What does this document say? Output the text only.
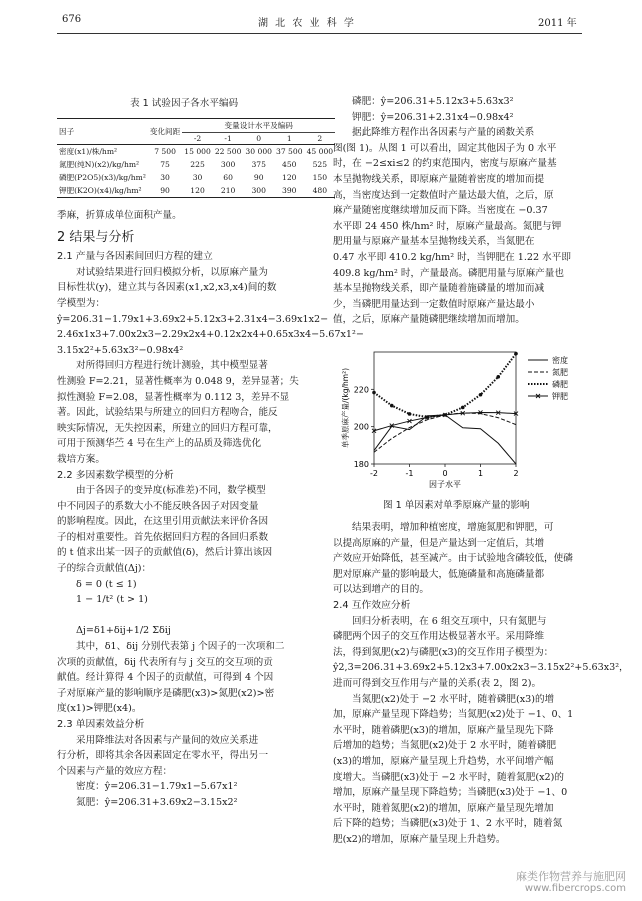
676	湖 北 农 业 科 学	2011 年
表 1 试验因子各水平编码
因子	变化间距	变量设计水平及编码				
		-2	-1	0	1	2
密度(x1)/株/hm²	7 500	15 000	22 500	30 000	37 500	45 000
氮肥(纯N)(x2)/kg/hm²	75	225	300	375	450	525
磷肥(P2O5)(x3)/kg/hm²	30	30	60	90	120	150
钾肥(K2O)(x4)/kg/hm²	90	120	210	300	390	480

季麻，折算成单位面积产量。

2 结果与分析

2.1 产量与各因素间回归方程的建立

对试验结果进行回归模拟分析，以原麻产量为

目标性状(y)，建立其与各因素(x1,x2,x3,x4)间的数

学模型为：

ŷ=206.31−1.79x1+3.69x2+5.12x3+2.31x4−3.69x1x2−

2.46x1x3+7.00x2x3−2.29x2x4+0.12x2x4+0.65x3x4−5.67x1²−

3.15x2²+5.63x3²−0.98x4²

对所得回归方程进行统计测验，其中模型显著

性测验 F=2.21，显著性概率为 0.048 9，差异显著；失

拟性测验 F=2.08，显著性概率为 0.112 3，差异不显

著。因此，试验结果与所建立的回归方程吻合，能反

映实际情况，无失控因素，所建立的回归方程可靠，

可用于预测华苎 4 号在生产上的品质及筛选优化

栽培方案。

2.2 多因素数学模型的分析

由于各因子的变异度(标准差)不同，数学模型

中不同因子的系数大小不能反映各因子对因变量

的影响程度。因此，在这里引用贡献法来评价各因

子的相对重要性。首先依据回归方程的各回归系数

的 t 值求出某一因子的贡献值(δ)，然后计算出该因

子的综合贡献值(Δj)：

δ = 0 (t ≤ 1)

1 − 1/t² (t > 1)

Δj=δ1+δij+1/2 Σδij

其中，δ1、δij 分别代表第 j 个因子的一次项和二

次项的贡献值，δij 代表所有与 j 交互的交互项的贡

献值。经计算得 4 个因子的贡献值，可得到 4 个因

子对原麻产量的影响顺序是磷肥(x3)>氮肥(x2)>密

度(x1)>钾肥(x4)。

2.3 单因素效益分析

采用降维法对各因素与产量间的效应关系进

行分析，即将其余各因素固定在零水平，得出另一

个因素与产量的效应方程：

密度：ŷ=206.31−1.79x1−5.67x1²

氮肥：ŷ=206.31+3.69x2−3.15x2²

磷肥：ŷ=206.31+5.12x3+5.63x3²

钾肥：ŷ=206.31+2.31x4−0.98x4²

据此降维方程作出各因素与产量的函数关系

图(图 1)。从图 1 可以看出，固定其他因子为 0 水平

时，在 −2≤xi≤2 的约束范围内，密度与原麻产量基

本呈抛物线关系，即原麻产量随着密度的增加而提

高，当密度达到一定数值时产量达最大值，之后，原

麻产量随密度继续增加反而下降。当密度在 −0.37

水平即 24 450 株/hm² 时，原麻产量最高。氮肥与钾

肥用量与原麻产量基本呈抛物线关系，当氮肥在

0.47 水平即 410.2 kg/hm² 时，当钾肥在 1.22 水平即

409.8 kg/hm² 时，产量最高。磷肥用量与原麻产量也

基本呈抛物线关系，即产量随着施磷量的增加而减

少，当磷肥用量达到一定数值时原麻产量达最小

值，之后，原麻产量随磷肥继续增加而增加。

180
200
220
-2	-1	0	1	2
因子水平
单季原麻产量/(kg/hm²)
密度
氮肥
磷肥
钾肥
图 1 单因素对单季原麻产量的影响

结果表明，增加种植密度，增施氮肥和钾肥，可

以提高原麻的产量，但是产量达到一定值后，其增

产效应开始降低，甚至减产。由于试验地含磷较低，使磷

肥对原麻产量的影响最大，低施磷量和高施磷量都

可以达到增产的目的。

2.4 互作效应分析

回归分析表明，在 6 组交互项中，只有氮肥与

磷肥两个因子的交互作用达极显著水平。采用降维

法，得到氮肥(x2)与磷肥(x3)的交互作用子模型为：

ŷ2,3=206.31+3.69x2+5.12x3+7.00x2x3−3.15x2²+5.63x3²，

进而可得到交互作用与产量的关系(表 2，图 2)。

当氮肥(x2)处于 −2 水平时，随着磷肥(x3)的增

加，原麻产量呈现下降趋势；当氮肥(x2)处于 −1、0、1

水平时，随着磷肥(x3)的增加，原麻产量呈现先下降

后增加的趋势；当氮肥(x2)处于 2 水平时，随着磷肥

(x3)的增加，原麻产量呈现上升趋势，水平间增产幅

度增大。当磷肥(x3)处于 −2 水平时，随着氮肥(x2)的

增加，原麻产量呈现下降趋势；当磷肥(x3)处于 −1、0

水平时，随着氮肥(x2)的增加，原麻产量呈现先增加

后下降的趋势；当磷肥(x3)处于 1、2 水平时，随着氮

肥(x2)的增加，原麻产量呈现上升趋势。

麻类作物营养与施肥网
www.fibercrops.com
